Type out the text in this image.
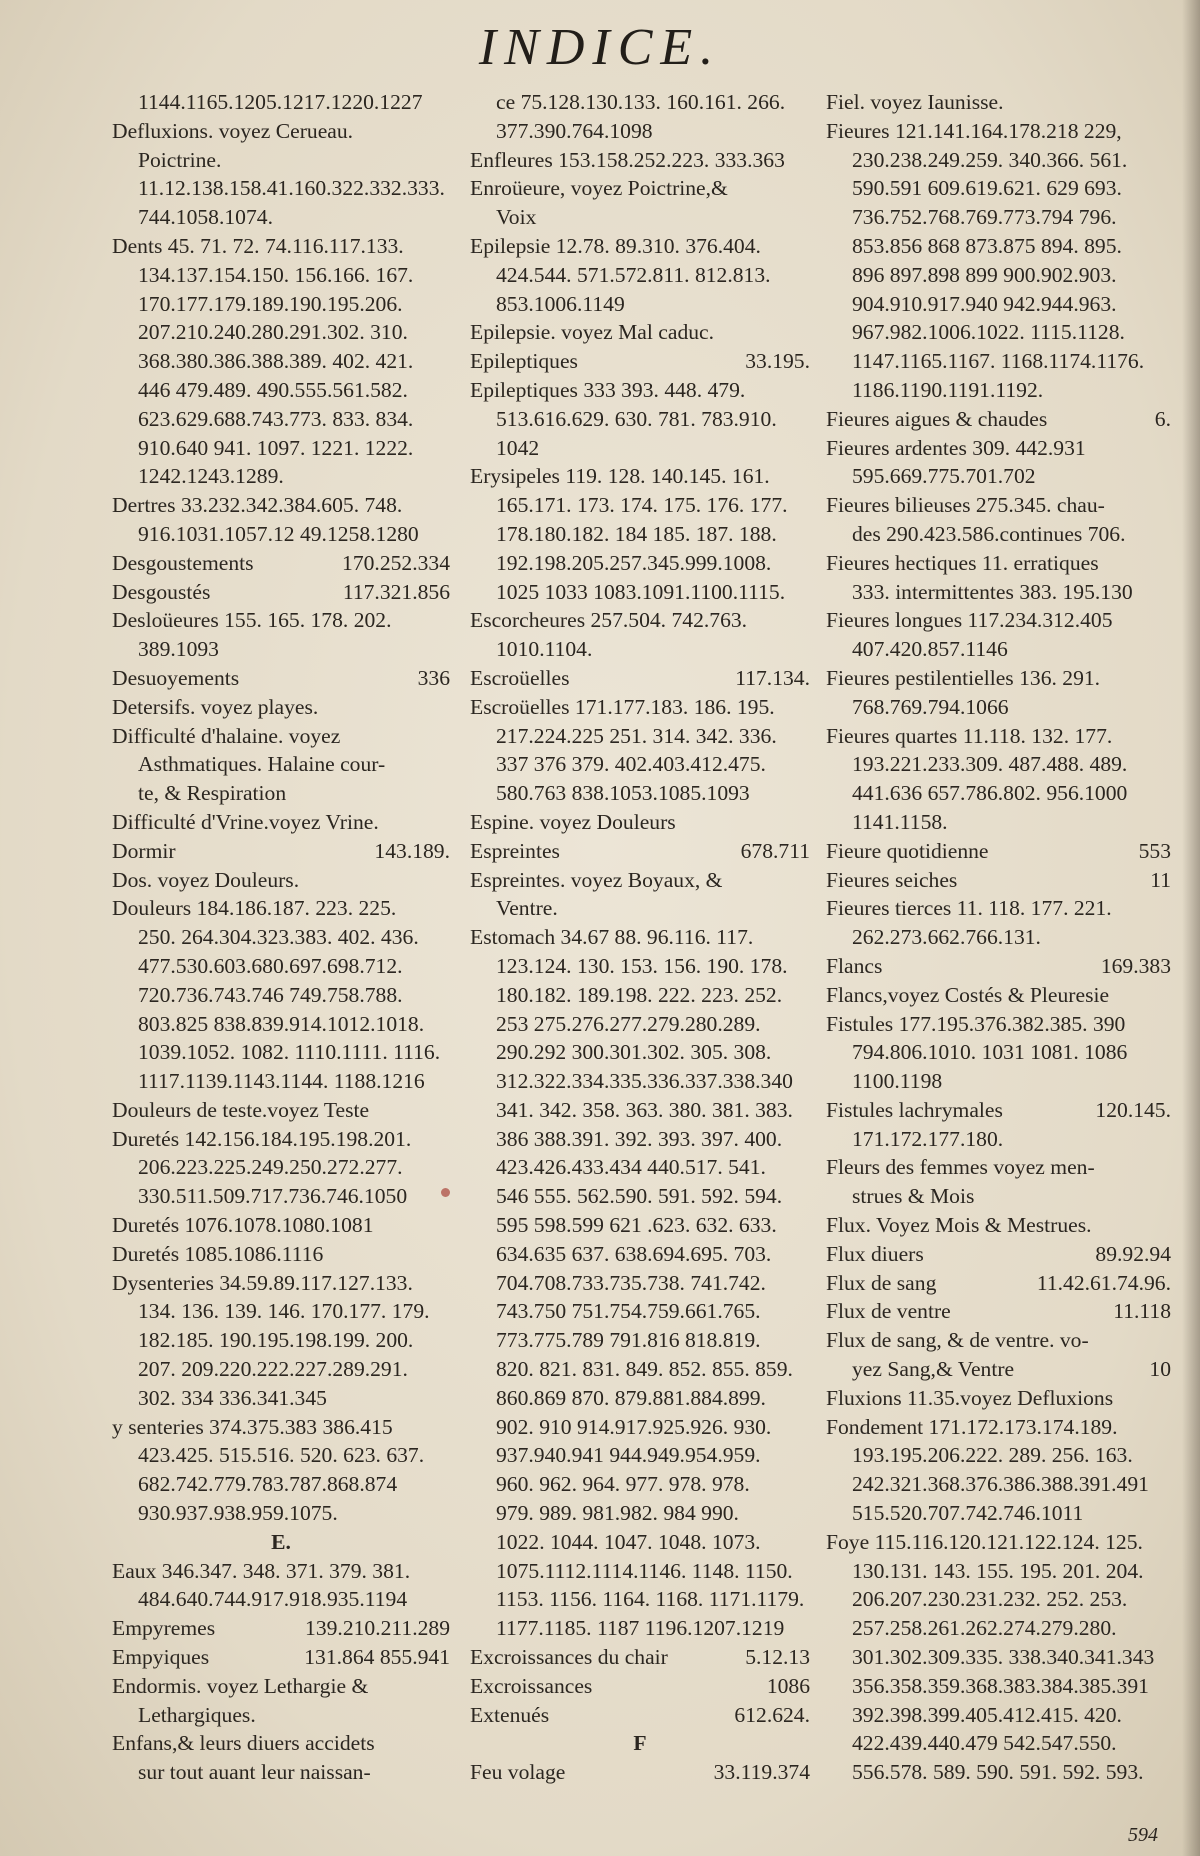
INDICE.
1144.1165.1205.1217.1220.1227
Defluxions. voyez Cerueau.
Poictrine.
11.12.138.158.41.160.322.332.333.
744.1058.1074.
Dents 45. 71. 72. 74.116.117.133.
134.137.154.150. 156.166. 167.
170.177.179.189.190.195.206.
207.210.240.280.291.302. 310.
368.380.386.388.389. 402. 421.
446 479.489. 490.555.561.582.
623.629.688.743.773. 833. 834.
910.640 941. 1097. 1221. 1222.
1242.1243.1289.
Dertres 33.232.342.384.605. 748.
916.1031.1057.12 49.1258.1280
Desgoustements	170.252.334
Desgoustés	117.321.856
Desloüeures 155. 165. 178. 202.
389.1093
Desuoyements	336
Detersifs. voyez playes.
Difficulté d'halaine. voyez
Asthmatiques. Halaine cour-
te, & Respiration
Difficulté d'Vrine.voyez Vrine.
Dormir	143.189.
Dos. voyez Douleurs.
Douleurs 184.186.187. 223. 225.
250. 264.304.323.383. 402. 436.
477.530.603.680.697.698.712.
720.736.743.746 749.758.788.
803.825 838.839.914.1012.1018.
1039.1052. 1082. 1110.1111. 1116.
1117.1139.1143.1144. 1188.1216
Douleurs de teste.voyez Teste
Duretés 142.156.184.195.198.201.
206.223.225.249.250.272.277.
330.511.509.717.736.746.1050
Duretés 1076.1078.1080.1081
Duretés 1085.1086.1116
Dysenteries 34.59.89.117.127.133.
134. 136. 139. 146. 170.177. 179.
182.185. 190.195.198.199. 200.
207. 209.220.222.227.289.291.
302. 334 336.341.345
y senteries 374.375.383 386.415
423.425. 515.516. 520. 623. 637.
682.742.779.783.787.868.874
930.937.938.959.1075.
E.
Eaux 346.347. 348. 371. 379. 381.
484.640.744.917.918.935.1194
Empyremes	139.210.211.289
Empyiques	131.864 855.941
Endormis. voyez Lethargie &
Lethargiques.
Enfans,& leurs diuers accidets
sur tout auant leur naissan-
ce 75.128.130.133. 160.161. 266.
377.390.764.1098
Enfleures 153.158.252.223. 333.363
Enroüeure, voyez Poictrine,&
Voix
Epilepsie 12.78. 89.310. 376.404.
424.544. 571.572.811. 812.813.
853.1006.1149
Epilepsie. voyez Mal caduc.
Epileptiques	33.195.
Epileptiques 333 393. 448. 479.
513.616.629. 630. 781. 783.910.
1042
Erysipeles 119. 128. 140.145. 161.
165.171. 173. 174. 175. 176. 177.
178.180.182. 184 185. 187. 188.
192.198.205.257.345.999.1008.
1025 1033 1083.1091.1100.1115.
Escorcheures 257.504. 742.763.
1010.1104.
Escroüelles	117.134.
Escroüelles 171.177.183. 186. 195.
217.224.225 251. 314. 342. 336.
337 376 379. 402.403.412.475.
580.763 838.1053.1085.1093
Espine. voyez Douleurs
Espreintes	678.711
Espreintes. voyez Boyaux, &
Ventre.
Estomach 34.67 88. 96.116. 117.
123.124. 130. 153. 156. 190. 178.
180.182. 189.198. 222. 223. 252.
253 275.276.277.279.280.289.
290.292 300.301.302. 305. 308.
312.322.334.335.336.337.338.340
341. 342. 358. 363. 380. 381. 383.
386 388.391. 392. 393. 397. 400.
423.426.433.434 440.517. 541.
546 555. 562.590. 591. 592. 594.
595 598.599 621 .623. 632. 633.
634.635 637. 638.694.695. 703.
704.708.733.735.738. 741.742.
743.750 751.754.759.661.765.
773.775.789 791.816 818.819.
820. 821. 831. 849. 852. 855. 859.
860.869 870. 879.881.884.899.
902. 910 914.917.925.926. 930.
937.940.941 944.949.954.959.
960. 962. 964. 977. 978. 978.
979. 989. 981.982. 984 990.
1022. 1044. 1047. 1048. 1073.
1075.1112.1114.1146. 1148. 1150.
1153. 1156. 1164. 1168. 1171.1179.
1177.1185. 1187 1196.1207.1219
Excroissances du chair	5.12.13
Excroissances	1086
Extenués	612.624.
F
Feu volage	33.119.374
Fiel. voyez Iaunisse.
Fieures 121.141.164.178.218 229,
230.238.249.259. 340.366. 561.
590.591 609.619.621. 629 693.
736.752.768.769.773.794 796.
853.856 868 873.875 894. 895.
896 897.898 899 900.902.903.
904.910.917.940 942.944.963.
967.982.1006.1022. 1115.1128.
1147.1165.1167. 1168.1174.1176.
1186.1190.1191.1192.
Fieures aigues & chaudes	6.
Fieures ardentes 309. 442.931
595.669.775.701.702
Fieures bilieuses 275.345. chau-
des 290.423.586.continues 706.
Fieures hectiques 11. erratiques
333. intermittentes 383. 195.130
Fieures longues 117.234.312.405
407.420.857.1146
Fieures pestilentielles 136. 291.
768.769.794.1066
Fieures quartes 11.118. 132. 177.
193.221.233.309. 487.488. 489.
441.636 657.786.802. 956.1000
1141.1158.
Fieure quotidienne	553
Fieures seiches	11
Fieures tierces 11. 118. 177. 221.
262.273.662.766.131.
Flancs	169.383
Flancs,voyez Costés & Pleuresie
Fistules 177.195.376.382.385. 390
794.806.1010. 1031 1081. 1086
1100.1198
Fistules lachrymales	120.145.
171.172.177.180.
Fleurs des femmes voyez men-
strues & Mois
Flux. Voyez Mois & Mestrues.
Flux diuers	89.92.94
Flux de sang	11.42.61.74.96.
Flux de ventre	11.118
Flux de sang, & de ventre. vo-
yez Sang,& Ventre	10
Fluxions 11.35.voyez Defluxions
Fondement 171.172.173.174.189.
193.195.206.222. 289. 256. 163.
242.321.368.376.386.388.391.491
515.520.707.742.746.1011
Foye 115.116.120.121.122.124. 125.
130.131. 143. 155. 195. 201. 204.
206.207.230.231.232. 252. 253.
257.258.261.262.274.279.280.
301.302.309.335. 338.340.341.343
356.358.359.368.383.384.385.391
392.398.399.405.412.415. 420.
422.439.440.479 542.547.550.
556.578. 589. 590. 591. 592. 593.
594
